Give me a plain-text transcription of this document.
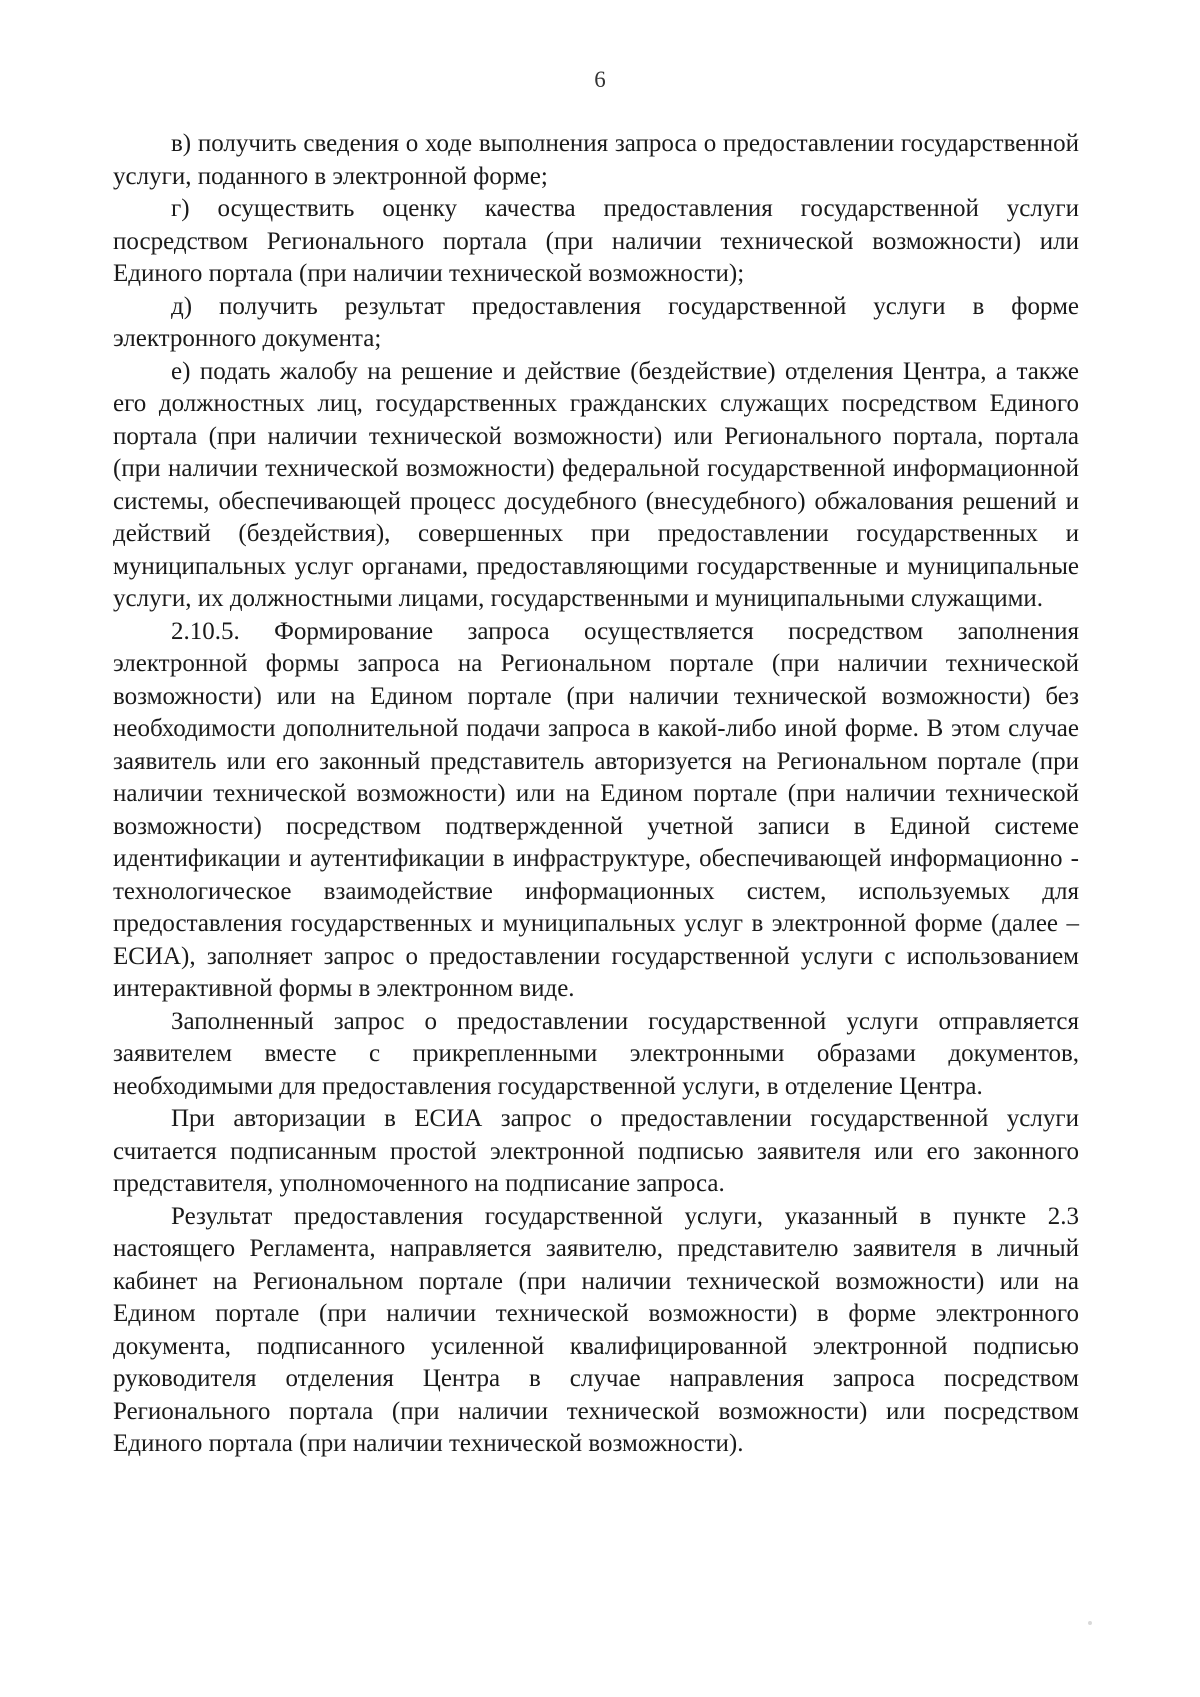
6

в) получить сведения о ходе выполнения запроса о предоставлении государственной услуги, поданного в электронной форме;

г) осуществить оценку качества предоставления государственной услуги посредством Регионального портала (при наличии технической возможности) или Единого портала (при наличии технической возможности);

д) получить результат предоставления государственной услуги в форме электронного документа;

е) подать жалобу на решение и действие (бездействие) отделения Центра, а также его должностных лиц, государственных гражданских служащих посредством Единого портала (при наличии технической возможности) или Регионального портала, портала (при наличии технической возможности) федеральной государственной информационной системы, обеспечивающей процесс досудебного (внесудебного) обжалования решений и действий (бездействия), совершенных при предоставлении государственных и муниципальных услуг органами, предоставляющими государственные и муниципальные услуги, их должностными лицами, государственными и муниципальными служащими.

2.10.5. Формирование запроса осуществляется посредством заполнения электронной формы запроса на Региональном портале (при наличии технической возможности) или на Едином портале (при наличии технической возможности) без необходимости дополнительной подачи запроса в какой-либо иной форме. В этом случае заявитель или его законный представитель авторизуется на Региональном портале (при наличии технической возможности) или на Едином портале (при наличии технической возможности) посредством подтвержденной учетной записи в Единой системе идентификации и аутентификации в инфраструктуре, обеспечивающей информационно - технологическое взаимодействие информационных систем, используемых для предоставления государственных и муниципальных услуг в электронной форме (далее – ЕСИА), заполняет запрос о предоставлении государственной услуги с использованием интерактивной формы в электронном виде.

Заполненный запрос о предоставлении государственной услуги отправляется заявителем вместе с прикрепленными электронными образами документов, необходимыми для предоставления государственной услуги, в отделение Центра.

При авторизации в ЕСИА запрос о предоставлении государственной услуги считается подписанным простой электронной подписью заявителя или его законного представителя, уполномоченного на подписание запроса.

Результат предоставления государственной услуги, указанный в пункте 2.3 настоящего Регламента, направляется заявителю, представителю заявителя в личный кабинет на Региональном портале (при наличии технической возможности) или на Едином портале (при наличии технической возможности) в форме электронного документа, подписанного усиленной квалифицированной электронной подписью руководителя отделения Центра в случае направления запроса посредством Регионального портала (при наличии технической возможности) или посредством Единого портала (при наличии технической возможности).
